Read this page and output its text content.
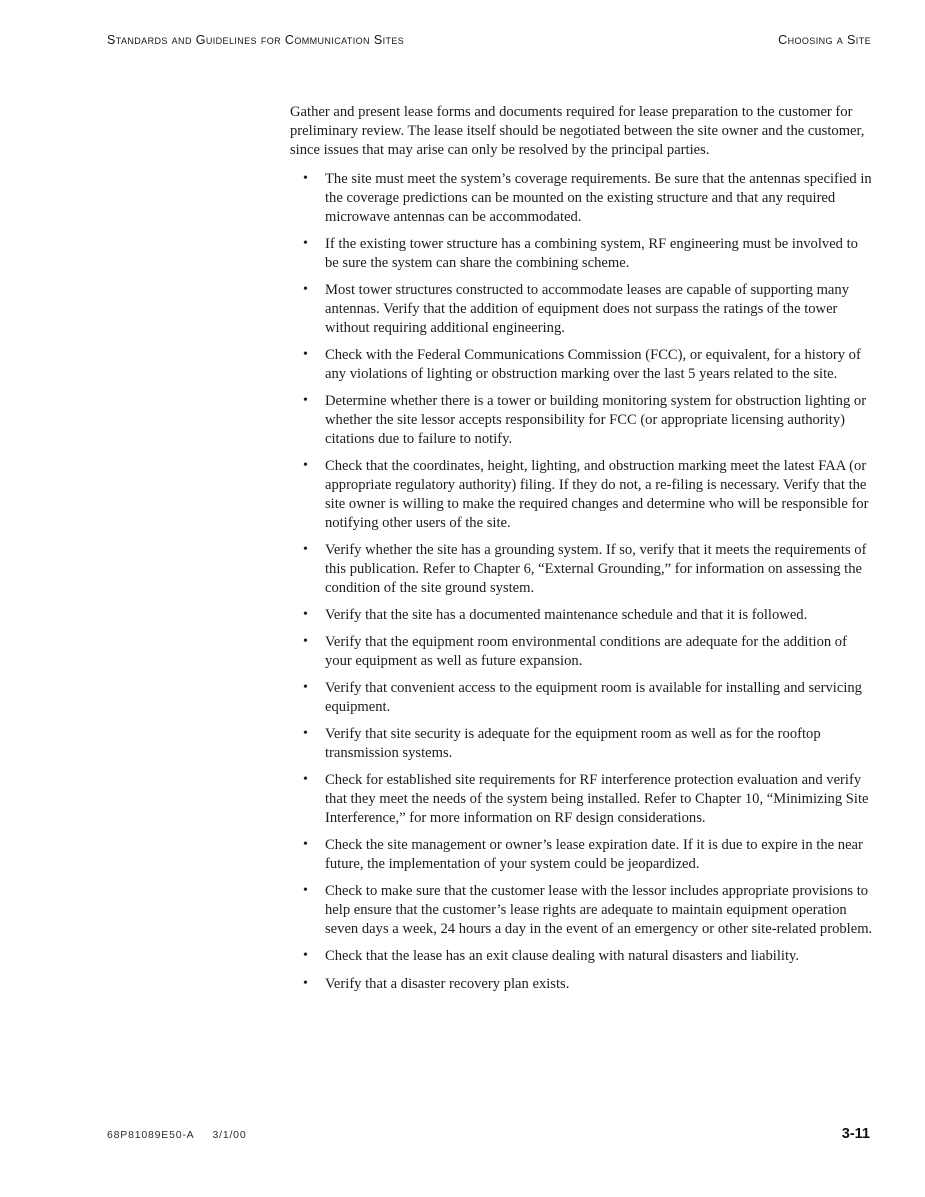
Standards and Guidelines for Communication Sites	Choosing a Site

Gather and present lease forms and documents required for lease preparation to the customer for preliminary review. The lease itself should be negotiated between the site owner and the customer, since issues that may arise can only be resolved by the principal parties.

•	The site must meet the system’s coverage requirements. Be sure that the antennas specified in the coverage predictions can be mounted on the existing structure and that any required microwave antennas can be accommodated.
•	If the existing tower structure has a combining system, RF engineering must be involved to be sure the system can share the combining scheme.
•	Most tower structures constructed to accommodate leases are capable of supporting many antennas. Verify that the addition of equipment does not surpass the ratings of the tower without requiring additional engineering.
•	Check with the Federal Communications Commission (FCC), or equivalent, for a history of any violations of lighting or obstruction marking over the last 5 years related to the site.
•	Determine whether there is a tower or building monitoring system for obstruction lighting or whether the site lessor accepts responsibility for FCC (or appropriate licensing authority) citations due to failure to notify.
•	Check that the coordinates, height, lighting, and obstruction marking meet the latest FAA (or appropriate regulatory authority) filing. If they do not, a re-filing is necessary. Verify that the site owner is willing to make the required changes and determine who will be responsible for notifying other users of the site.
•	Verify whether the site has a grounding system. If so, verify that it meets the requirements of this publication. Refer to Chapter 6, “External Grounding,” for information on assessing the condition of the site ground system.
•	Verify that the site has a documented maintenance schedule and that it is followed.
•	Verify that the equipment room environmental conditions are adequate for the addition of your equipment as well as future expansion.
•	Verify that convenient access to the equipment room is available for installing and servicing equipment.
•	Verify that site security is adequate for the equipment room as well as for the rooftop transmission systems.
•	Check for established site requirements for RF interference protection evaluation and verify that they meet the needs of the system being installed. Refer to Chapter 10, “Minimizing Site Interference,” for more information on RF design considerations.
•	Check the site management or owner’s lease expiration date. If it is due to expire in the near future, the implementation of your system could be jeopardized.
•	Check to make sure that the customer lease with the lessor includes appropriate provisions to help ensure that the customer’s lease rights are adequate to maintain equipment operation seven days a week, 24 hours a day in the event of an emergency or other site-related problem.
•	Check that the lease has an exit clause dealing with natural disasters and liability.
•	Verify that a disaster recovery plan exists.
68P81089E50-A 3/1/00	3-11
